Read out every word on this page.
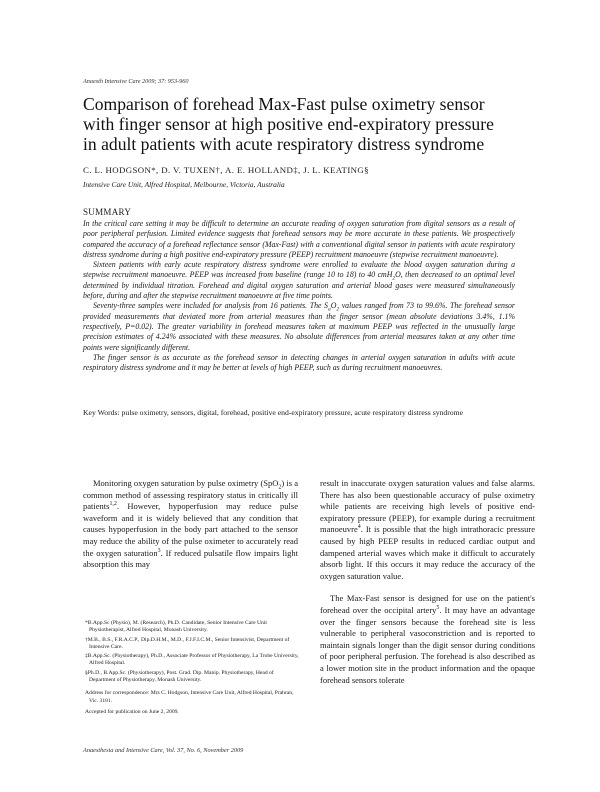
Anaesth Intensive Care 2009; 37: 953-960
Comparison of forehead Max-Fast pulse oximetry sensor
with finger sensor at high positive end-expiratory pressure
in adult patients with acute respiratory distress syndrome
C. L. HODGSON*, D. V. TUXEN†, A. E. HOLLAND‡, J. L. KEATING§
Intensive Care Unit, Alfred Hospital, Melbourne, Victoria, Australia
SUMMARY

In the critical care setting it may be difficult to determine an accurate reading of oxygen saturation from digital sensors as a result of poor peripheral perfusion. Limited evidence suggests that forehead sensors may be more accurate in these patients. We prospectively compared the accuracy of a forehead reflectance sensor (Max-Fast) with a conventional digital sensor in patients with acute respiratory distress syndrome during a high positive end-expiratory pressure (PEEP) recruitment manoeuvre (stepwise recruitment manoeuvre).

Sixteen patients with early acute respiratory distress syndrome were enrolled to evaluate the blood oxygen saturation during a stepwise recruitment manoeuvre. PEEP was increased from baseline (range 10 to 18) to 40 cmH$_2$O, then decreased to an optimal level determined by individual titration. Forehead and digital oxygen saturation and arterial blood gases were measured simultaneously before, during and after the stepwise recruitment manoeuvre at five time points.

Seventy-three samples were included for analysis from 16 patients. The $S_aO_2$ values ranged from 73 to 99.6%. The forehead sensor provided measurements that deviated more from arterial measures than the finger sensor (mean absolute deviations 3.4%, 1.1% respectively, P=0.02). The greater variability in forehead measures taken at maximum PEEP was reflected in the unusually large precision estimates of 4.24% associated with these measures. No absolute differences from arterial measures taken at any other time points were significantly different.

The finger sensor is as accurate as the forehead sensor in detecting changes in arterial oxygen saturation in adults with acute respiratory distress syndrome and it may be better at levels of high PEEP, such as during recruitment manoeuvres.

Key Words: pulse oximetry, sensors, digital, forehead, positive end-expiratory pressure, acute respiratory distress syndrome

Monitoring oxygen saturation by pulse oximetry (SpO$_2$) is a common method of assessing respiratory status in critically ill patients$^{1,2}$. However, hypoperfusion may reduce pulse waveform and it is widely believed that any condition that causes hypoperfusion in the body part attached to the sensor may reduce the ability of the pulse oximeter to accurately read the oxygen saturation$^3$. If reduced pulsatile flow impairs light absorption this may

result in inaccurate oxygen saturation values and false alarms. There has also been questionable accuracy of pulse oximetry while patients are receiving high levels of positive end-expiratory pressure (PEEP), for example during a recruitment manoeuvre$^4$. It is possible that the high intrathoracic pressure caused by high PEEP results in reduced cardiac output and dampened arterial waves which make it difficult to accurately absorb light. If this occurs it may reduce the accuracy of the oxygen saturation value.

The Max-Fast sensor is designed for use on the patient's forehead over the occipital artery$^5$. It may have an advantage over the finger sensors because the forehead site is less vulnerable to peripheral vasoconstriction and is reported to maintain signals longer than the digit sensor during conditions of poor peripheral perfusion. The forehead is also described as a lower motion site in the product information and the opaque forehead sensors tolerate

*B.App.Sc (Physio), M. (Research), Ph.D. Candidate, Senior Intensive Care Unit Physiotherapist, Alfred Hospital, Monash University.

†M.B., B.S., F.R.A.C.P., Dip.D.H.M., M.D., F.J.F.I.C.M., Senior Intensivist, Department of Intensive Care.

‡B.App.Sc. (Physiotherapy), Ph.D., Associate Professor of Physiotherapy, La Trobe University, Alfred Hospital.

§Ph.D., B.App.Sc. (Physiotherapy), Post. Grad. Dip. Manip. Physiotherapy, Head of Department of Physiotherapy, Monash University.

Address for correspondence: Mrs C. Hodgson, Intensive Care Unit, Alfred Hospital, Prahran, Vic. 3181.

Accepted for publication on June 2, 2009.

Anaesthesia and Intensive Care, Vol. 37, No. 6, November 2009
